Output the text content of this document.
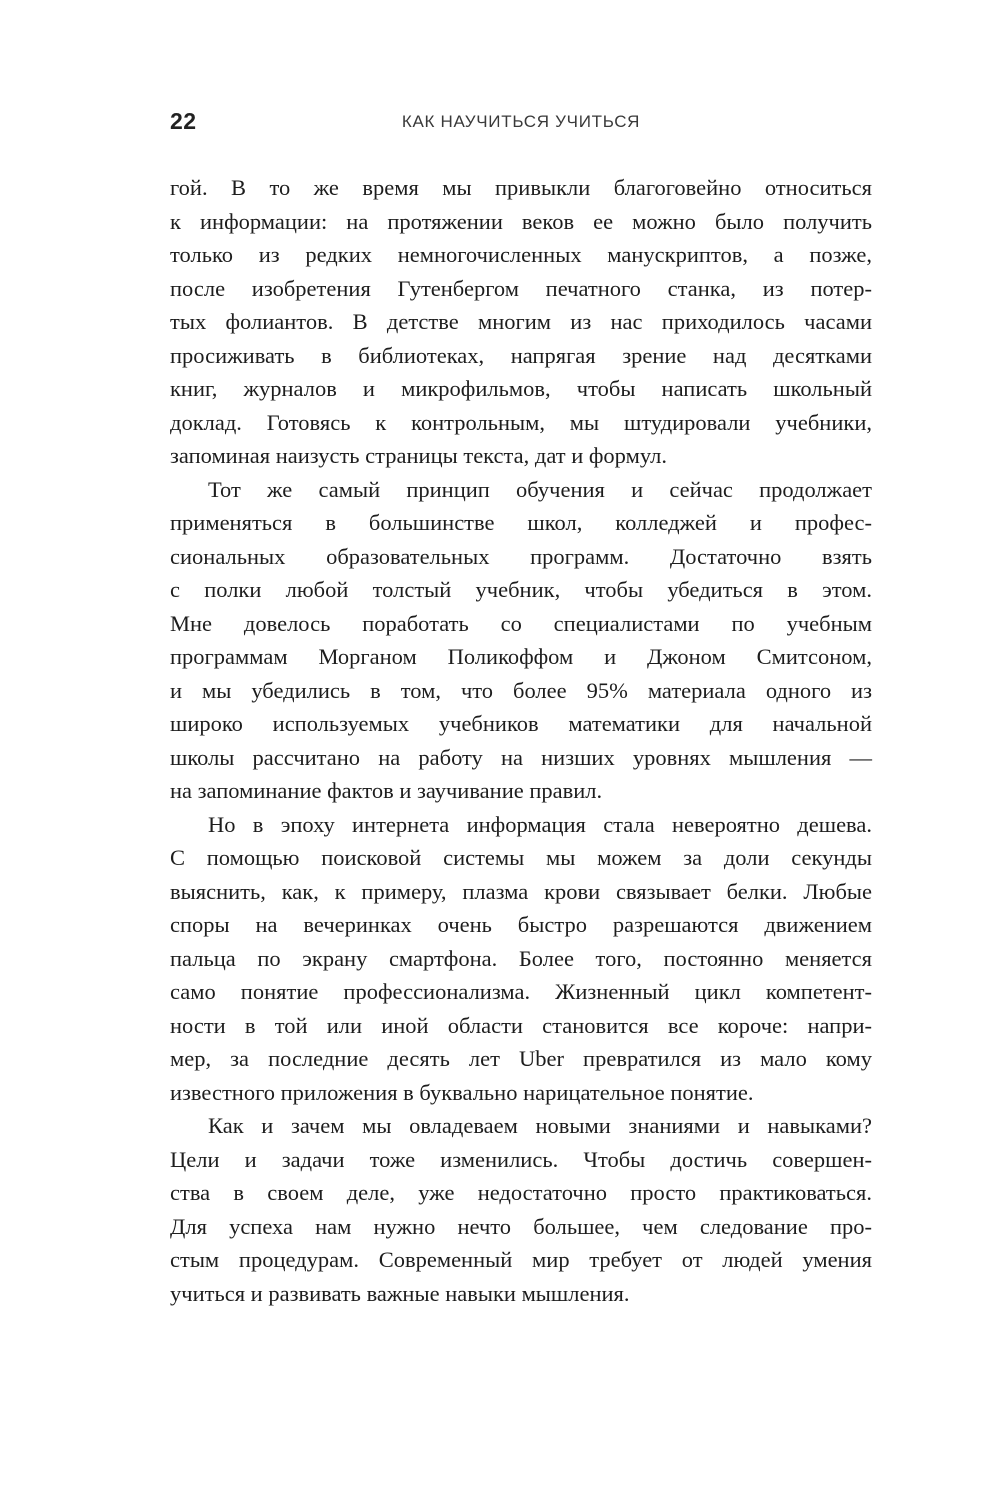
22	КАК НАУЧИТЬСЯ УЧИТЬСЯ
гой. В то же время мы привыкли благоговейно относиться
к информации: на протяжении веков ее можно было получить
только из редких немногочисленных манускриптов, а позже,
после изобретения Гутенбергом печатного станка, из потер-
тых фолиантов. В детстве многим из нас приходилось часами
просиживать в библиотеках, напрягая зрение над десятками
книг, журналов и микрофильмов, чтобы написать школьный
доклад. Готовясь к контрольным, мы штудировали учебники,
запоминая наизусть страницы текста, дат и формул.
Тот же самый принцип обучения и сейчас продолжает
применяться в большинстве школ, колледжей и профес-
сиональных образовательных программ. Достаточно взять
с полки любой толстый учебник, чтобы убедиться в этом.
Мне довелось поработать со специалистами по учебным
программам Морганом Поликоффом и Джоном Смитсоном,
и мы убедились в том, что более 95% материала одного из
широко используемых учебников математики для начальной
школы рассчитано на работу на низших уровнях мышления —
на запоминание фактов и заучивание правил.
Но в эпоху интернета информация стала невероятно дешева.
С помощью поисковой системы мы можем за доли секунды
выяснить, как, к примеру, плазма крови связывает белки. Любые
споры на вечеринках очень быстро разрешаются движением
пальца по экрану смартфона. Более того, постоянно меняется
само понятие профессионализма. Жизненный цикл компетент-
ности в той или иной области становится все короче: напри-
мер, за последние десять лет Uber превратился из мало кому
известного приложения в буквально нарицательное понятие.
Как и зачем мы овладеваем новыми знаниями и навыками?
Цели и задачи тоже изменились. Чтобы достичь совершен-
ства в своем деле, уже недостаточно просто практиковаться.
Для успеха нам нужно нечто большее, чем следование про-
стым процедурам. Современный мир требует от людей умения
учиться и развивать важные навыки мышления.
